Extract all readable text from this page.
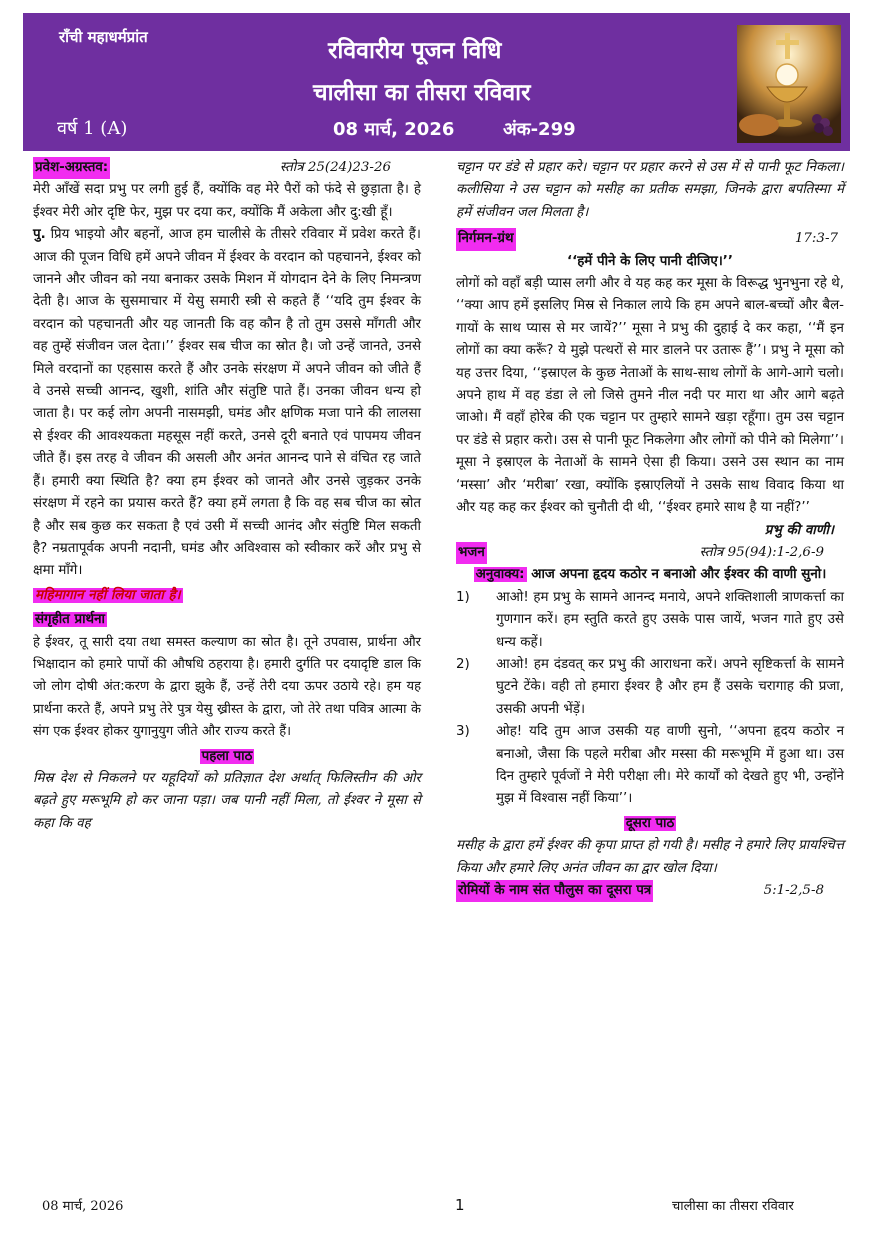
राँची महाधर्मप्रांत
रविवारीय पूजन विधि
चालीसा का तीसरा रविवार
वर्ष 1 (A)	08 मार्च, 2026	अंक-299
प्रवेश-अग्रस्तव:	स्तोत्र 25(24)23-26

मेरी आँखें सदा प्रभु पर लगी हुई हैं, क्योंकि वह मेरे पैरों को फंदे से छुड़ाता है। हे ईश्वर मेरी ओर दृष्टि फेर, मुझ पर दया कर, क्योंकि मैं अकेला और दु:खी हूँ।

पु. प्रिय भाइयो और बहनों, आज हम चालीसे के तीसरे रविवार में प्रवेश करते हैं। आज की पूजन विधि हमें अपने जीवन में ईश्वर के वरदान को पहचानने, ईश्वर को जानने और जीवन को नया बनाकर उसके मिशन में योगदान देने के लिए निमन्त्रण देती है। आज के सुसमाचार में येसु समारी स्त्री से कहते हैं ‘‘यदि तुम ईश्वर के वरदान को पहचानती और यह जानती कि वह कौन है तो तुम उससे माँगती और वह तुम्हें संजीवन जल देता।’’ ईश्वर सब चीज का स्रोत है। जो उन्हें जानते, उनसे मिले वरदानों का एहसास करते हैं और उनके संरक्षण में अपने जीवन को जीते हैं वे उनसे सच्ची आनन्द, खुशी, शांति और संतुष्टि पाते हैं। उनका जीवन धन्य हो जाता है। पर कई लोग अपनी नासमझी, घमंड और क्षणिक मजा पाने की लालसा से ईश्वर की आवश्यकता महसूस नहीं करते, उनसे दूरी बनाते एवं पापमय जीवन जीते हैं। इस तरह वे जीवन की असली और अनंत आनन्द पाने से वंचित रह जाते हैं। हमारी क्या स्थिति है? क्या हम ईश्वर को जानते और उनसे जुड़कर उनके संरक्षण में रहने का प्रयास करते हैं? क्या हमें लगता है कि वह सब चीज का स्रोत है और सब कुछ कर सकता है एवं उसी में सच्ची आनंद और संतुष्टि मिल सकती है? नम्रतापूर्वक अपनी नदानी, घमंड और अविश्वास को स्वीकार करें और प्रभु से क्षमा माँगे।

महिमागान नहीं लिया जाता है।
संगृहीत प्रार्थना

हे ईश्वर, तू सारी दया तथा समस्त कल्याण का स्रोत है। तूने उपवास, प्रार्थना और भिक्षादान को हमारे पापों की औषधि ठहराया है। हमारी दुर्गति पर दयादृष्टि डाल कि जो लोग दोषी अंत:करण के द्वारा झुके हैं, उन्हें तेरी दया ऊपर उठाये रहे। हम यह प्रार्थना करते हैं, अपने प्रभु तेरे पुत्र येसु ख्रीस्त के द्वारा, जो तेरे तथा पवित्र आत्मा के संग एक ईश्वर होकर युगानुयुग जीते और राज्य करते हैं।

पहला पाठ

मिस्र देश से निकलने पर यहूदियों को प्रतिज्ञात देश अर्थात् फिलिस्तीन की ओर बढ़ते हुए मरूभूमि हो कर जाना पड़ा। जब पानी नहीं मिला, तो ईश्वर ने मूसा से कहा कि वह

चट्टान पर डंडे से प्रहार करे। चट्टान पर प्रहार करने से उस में से पानी फूट निकला। कलीसिया ने उस चट्टान को मसीह का प्रतीक समझा, जिनके द्वारा बपतिस्मा में हमें संजीवन जल मिलता है।

निर्गमन-ग्रंथ	17:3-7
‘‘हमें पीने के लिए पानी दीजिए।’’

लोगों को वहाँ बड़ी प्यास लगी और वे यह कह कर मूसा के विरूद्ध भुनभुना रहे थे, ‘‘क्या आप हमें इसलिए मिस्र से निकाल लाये कि हम अपने बाल-बच्चों और बैल-गायों के साथ प्यास से मर जायें?’’ मूसा ने प्रभु की दुहाई दे कर कहा, ‘‘मैं इन लोगों का क्या करूँ? ये मुझे पत्थरों से मार डालने पर उतारू हैं’’। प्रभु ने मूसा को यह उत्तर दिया, ‘‘इस्राएल के कुछ नेताओं के साथ-साथ लोगों के आगे-आगे चलो। अपने हाथ में वह डंडा ले लो जिसे तुमने नील नदी पर मारा था और आगे बढ़ते जाओ। मैं वहाँ होरेब की एक चट्टान पर तुम्हारे सामने खड़ा रहूँगा। तुम उस चट्टान पर डंडे से प्रहार करो। उस से पानी फूट निकलेगा और लोगों को पीने को मिलेगा’’। मूसा ने इस्राएल के नेताओं के सामने ऐसा ही किया। उसने उस स्थान का नाम ‘मस्सा’ और ‘मरीबा’ रखा, क्योंकि इस्राएलियों ने उसके साथ विवाद किया था और यह कह कर ईश्वर को चुनौती दी थी, ‘‘ईश्वर हमारे साथ है या नहीं?’’

प्रभु की वाणी।
भजन	स्तोत्र 95(94):1-2,6-9
अनुवाक्य: आज अपना हृदय कठोर न बनाओ और ईश्वर की वाणी सुनो।
1)	आओ! हम प्रभु के सामने आनन्द मनाये, अपने शक्तिशाली त्राणकर्त्ता का गुणगान करें। हम स्तुति करते हुए उसके पास जायें, भजन गाते हुए उसे धन्य कहें।
2)	आओ! हम दंडवत् कर प्रभु की आराधना करें। अपने सृष्टिकर्त्ता के सामने घुटने टेंके। वही तो हमारा ईश्वर है और हम हैं उसके चरागाह की प्रजा, उसकी अपनी भेंड़ें।
3)	ओह! यदि तुम आज उसकी यह वाणी सुनो, ‘‘अपना हृदय कठोर न बनाओ, जैसा कि पहले मरीबा और मस्सा की मरूभूमि में हुआ था। उस दिन तुम्हारे पूर्वजों ने मेरी परीक्षा ली। मेरे कार्यों को देखते हुए भी, उन्होंने मुझ में विश्वास नहीं किया’’।
दूसरा पाठ

मसीह के द्वारा हमें ईश्वर की कृपा प्राप्त हो गयी है। मसीह ने हमारे लिए प्रायश्चित्त किया और हमारे लिए अनंत जीवन का द्वार खोल दिया।

रोमियों के नाम संत पौलुस का दूसरा पत्र	5:1-2,5-8
08 मार्च, 2026	1	चालीसा का तीसरा रविवार
